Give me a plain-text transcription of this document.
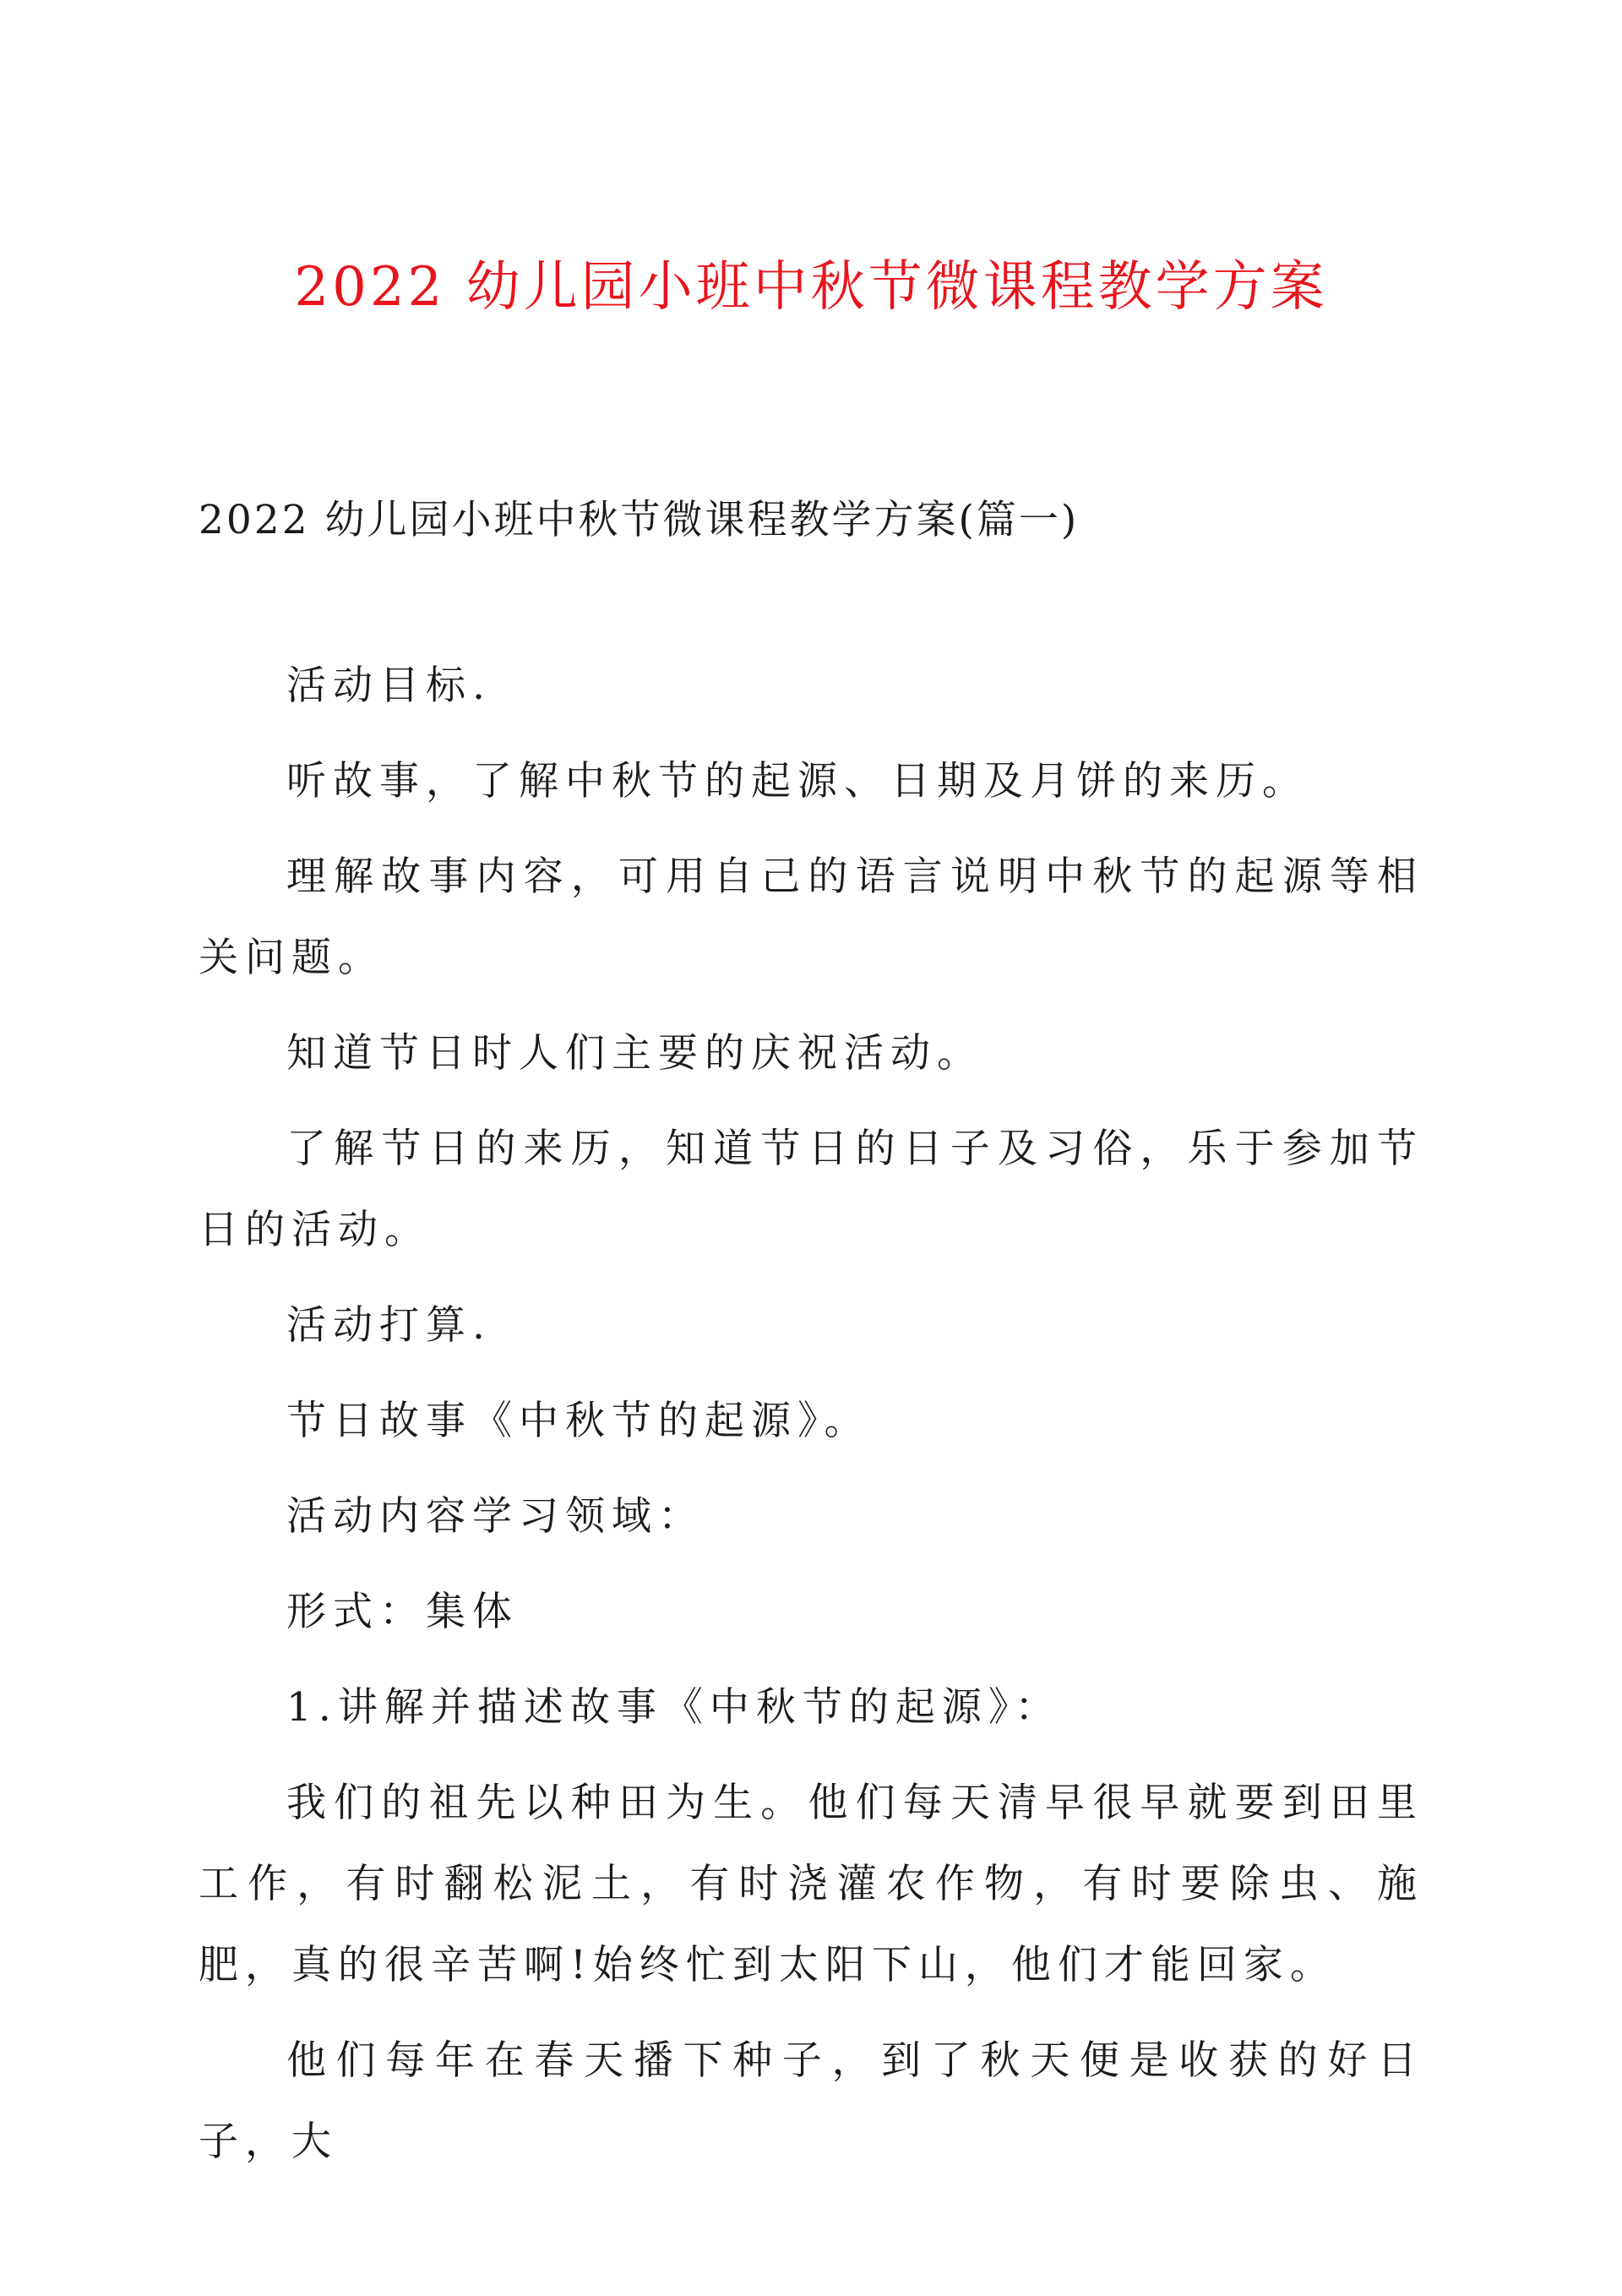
2022 幼儿园小班中秋节微课程教学方案
2022 幼儿园小班中秋节微课程教学方案(篇一)

活动目标.

听故事，了解中秋节的起源、日期及月饼的来历。

理解故事内容，可用自己的语言说明中秋节的起源等相关问题。

知道节日时人们主要的庆祝活动。

了解节日的来历，知道节日的日子及习俗，乐于参加节日的活动。

活动打算.

节日故事《中秋节的起源》。

活动内容学习领域：

形式：集体

1.讲解并描述故事《中秋节的起源》：

我们的祖先以种田为生。他们每天清早很早就要到田里工作，有时翻松泥土，有时浇灌农作物，有时要除虫、施肥，真的很辛苦啊!始终忙到太阳下山，他们才能回家。

他们每年在春天播下种子，到了秋天便是收获的好日子，大
